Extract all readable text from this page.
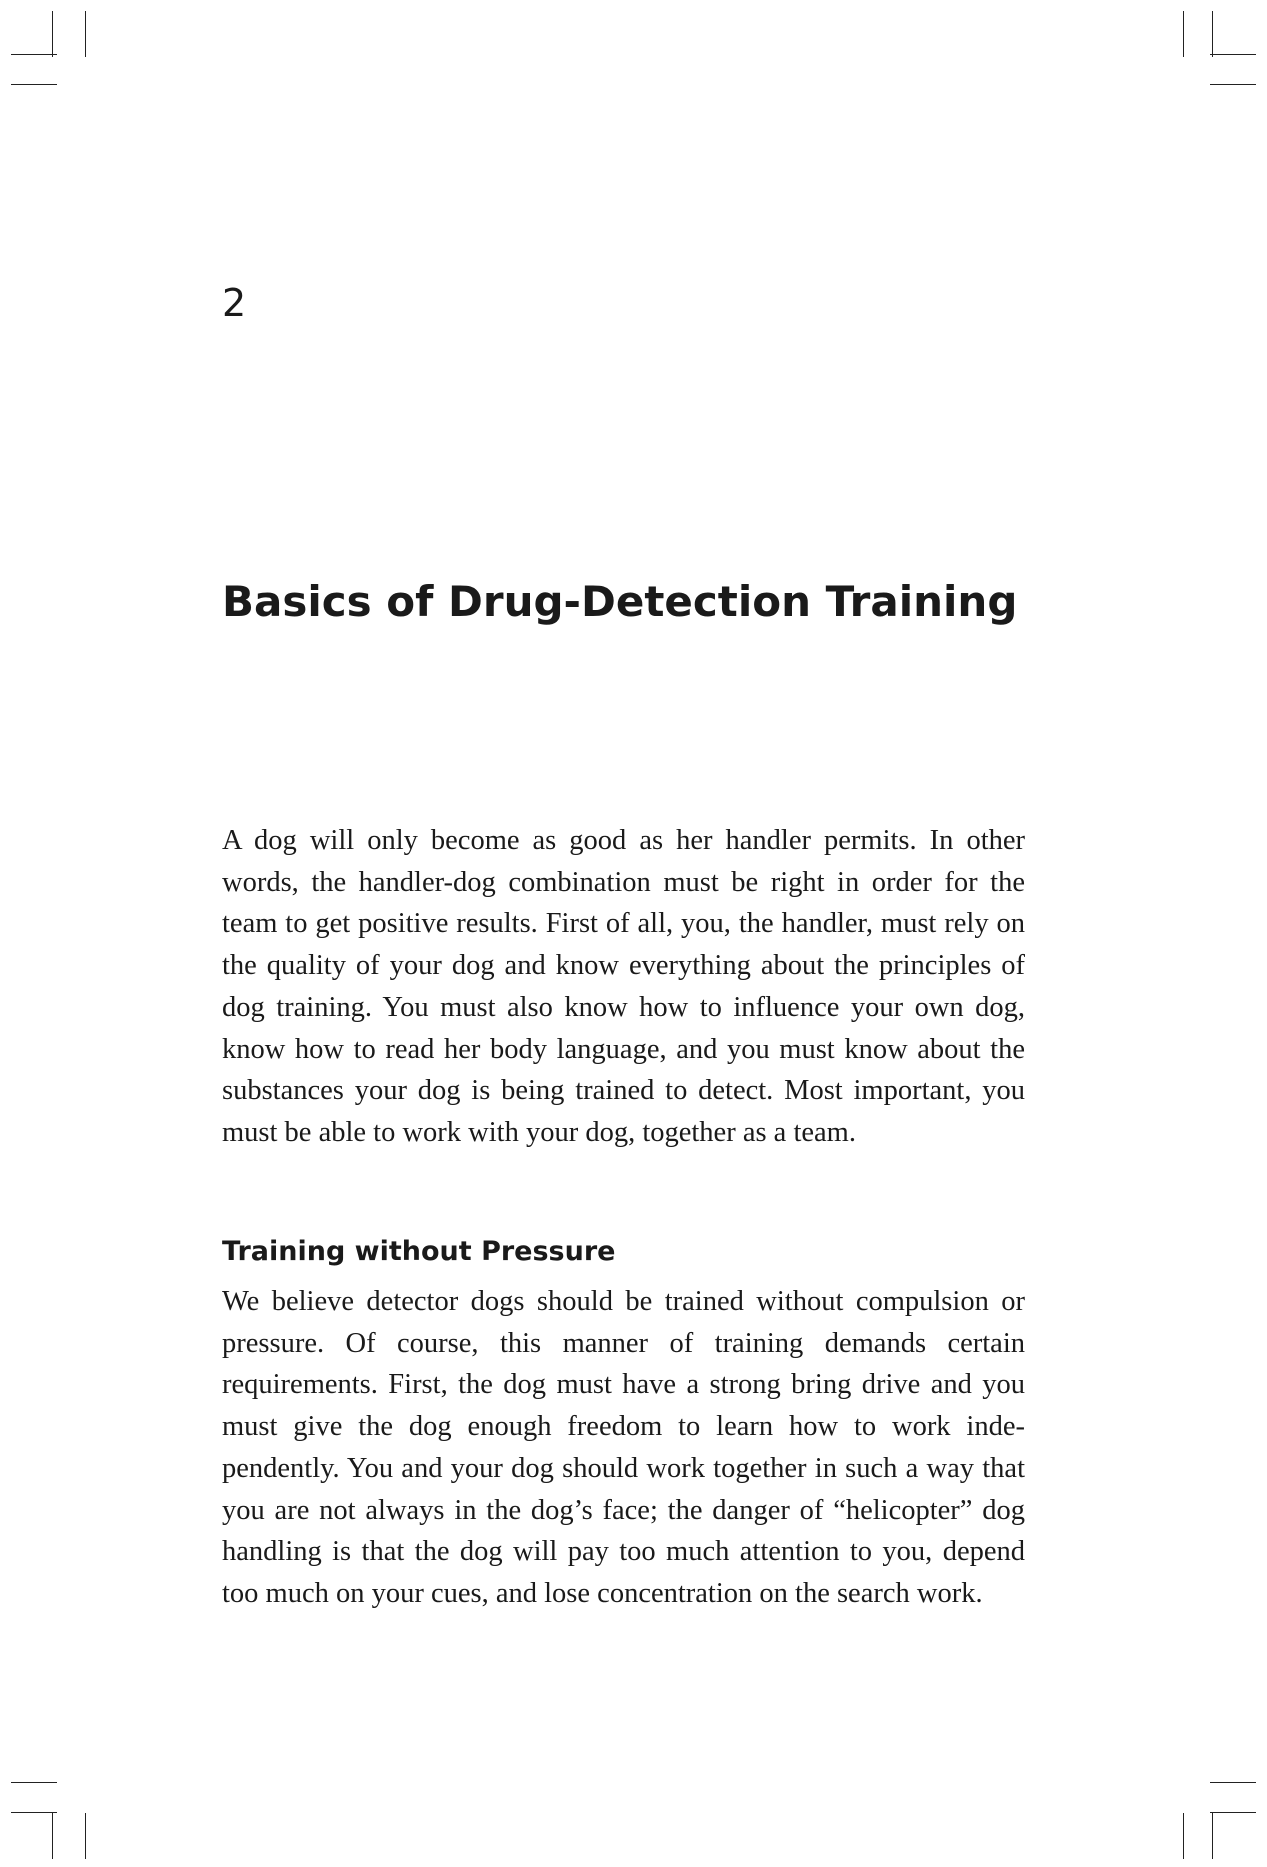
2
Basics of Drug-Detection Training

A dog will only become as good as her handler permits. In other words, the handler-dog combination must be right in order for the team to get positive results. First of all, you, the handler, must rely on the quality of your dog and know everything about the principles of dog training. You must also know how to influence your own dog, know how to read her body language, and you must know about the substances your dog is being trained to detect. Most important, you must be able to work with your dog, together as a team.

Training without Pressure

We believe detector dogs should be trained without compulsion or pressure. Of course, this manner of training demands certain requirements. First, the dog must have a strong bring drive and you must give the dog enough freedom to learn how to work independently. You and your dog should work together in such a way that you are not always in the dog’s face; the danger of “helicopter” dog handling is that the dog will pay too much attention to you, depend too much on your cues, and lose concentration on the search work.
